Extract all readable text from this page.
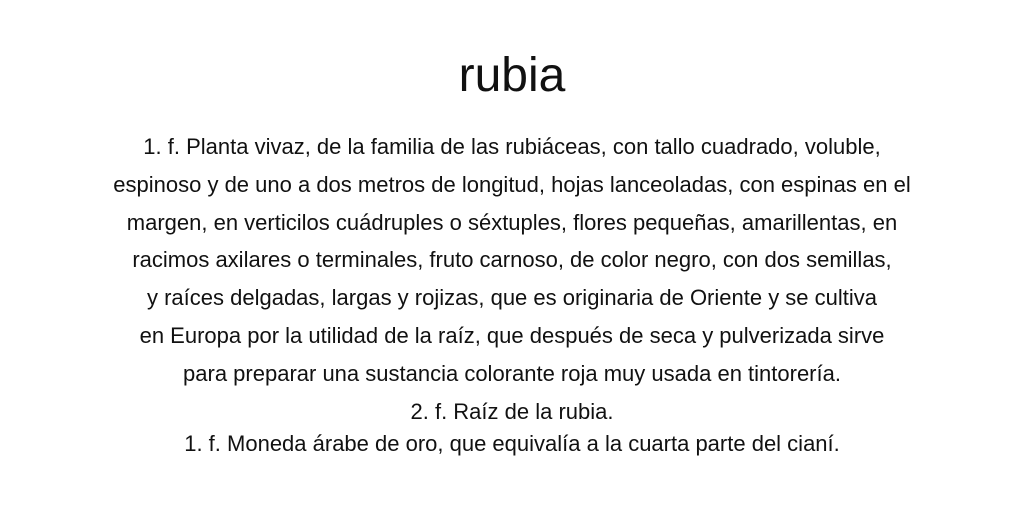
rubia
1. f. Planta vivaz, de la familia de las rubiáceas, con tallo cuadrado, voluble,
espinoso y de uno a dos metros de longitud, hojas lanceoladas, con espinas en el
margen, en verticilos cuádruples o séxtuples, flores pequeñas, amarillentas, en
racimos axilares o terminales, fruto carnoso, de color negro, con dos semillas,
y raíces delgadas, largas y rojizas, que es originaria de Oriente y se cultiva
en Europa por la utilidad de la raíz, que después de seca y pulverizada sirve
para preparar una sustancia colorante roja muy usada en tintorería.
2. f. Raíz de la rubia.
1. f. Moneda árabe de oro, que equivalía a la cuarta parte del cianí.
